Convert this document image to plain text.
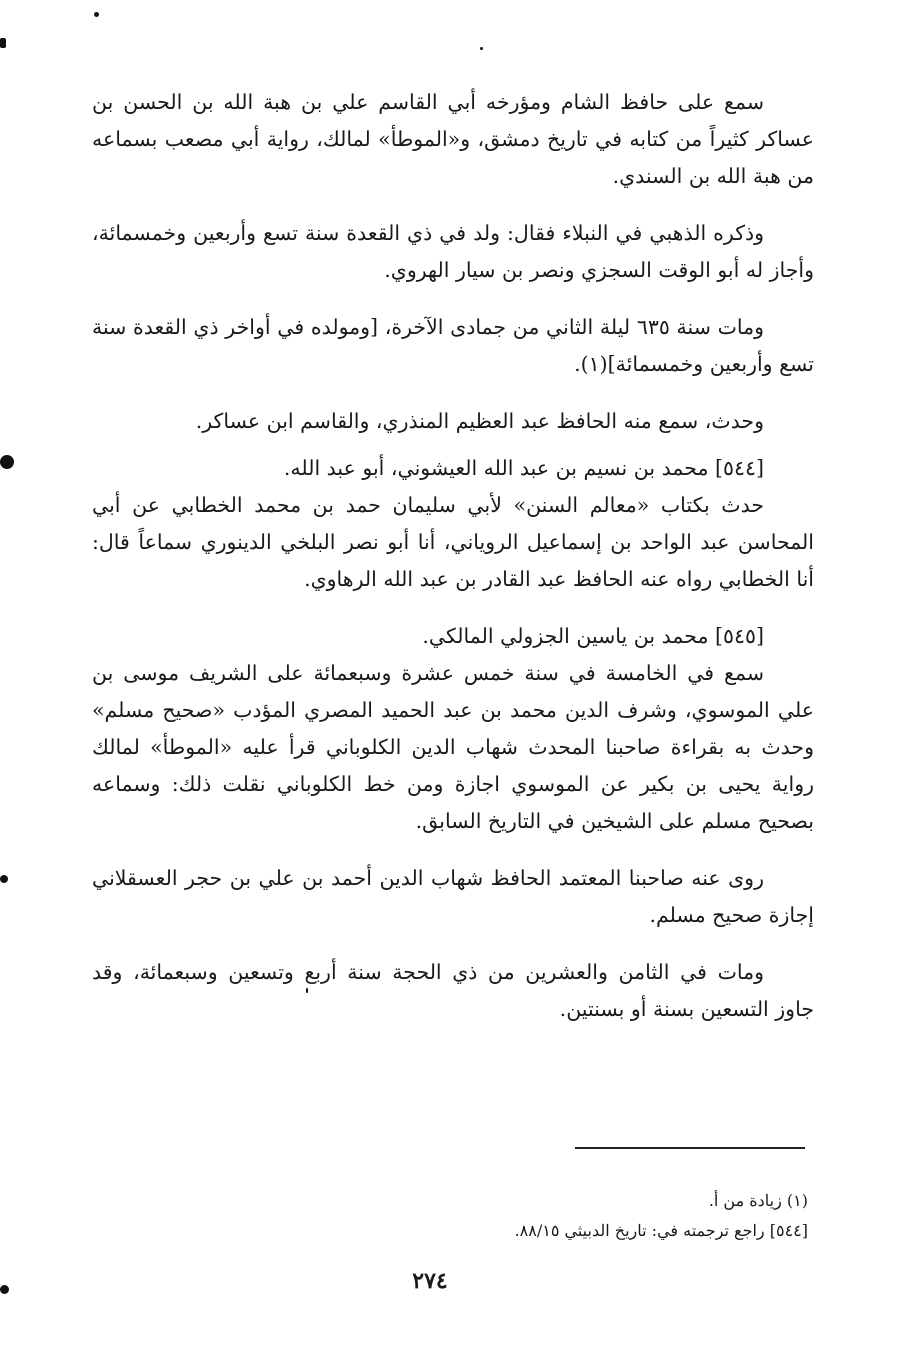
سمع على حافظ الشام ومؤرخه أبي القاسم علي بن هبة الله بن الحسن بن عساكر كثيراً من كتابه في تاريخ دمشق، و«الموطأ» لمالك، رواية أبي مصعب بسماعه من هبة الله بن السندي.

وذكره الذهبي في النبلاء فقال: ولد في ذي القعدة سنة تسع وأربعين وخمسمائة، وأجاز له أبو الوقت السجزي ونصر بن سيار الهروي.

ومات سنة ٦٣٥ ليلة الثاني من جمادى الآخرة، [ومولده في أواخر ذي القعدة سنة تسع وأربعين وخمسمائة](١).

وحدث، سمع منه الحافظ عبد العظيم المنذري، والقاسم ابن عساكر.

[٥٤٤] محمد بن نسيم بن عبد الله العيشوني، أبو عبد الله.

حدث بكتاب «معالم السنن» لأبي سليمان حمد بن محمد الخطابي عن أبي المحاسن عبد الواحد بن إسماعيل الروياني، أنا أبو نصر البلخي الدينوري سماعاً قال: أنا الخطابي رواه عنه الحافظ عبد القادر بن عبد الله الرهاوي.

[٥٤٥] محمد بن ياسين الجزولي المالكي.

سمع في الخامسة في سنة خمس عشرة وسبعمائة على الشريف موسى بن علي الموسوي، وشرف الدين محمد بن عبد الحميد المصري المؤدب «صحيح مسلم» وحدث به بقراءة صاحبنا المحدث شهاب الدين الكلوباني قرأ عليه «الموطأ» لمالك رواية يحيى بن بكير عن الموسوي اجازة ومن خط الكلوباني نقلت ذلك: وسماعه بصحيح مسلم على الشيخين في التاريخ السابق.

روى عنه صاحبنا المعتمد الحافظ شهاب الدين أحمد بن علي بن حجر العسقلاني إجازة صحيح مسلم.

ومات في الثامن والعشرين من ذي الحجة سنة أربع وتسعين وسبعمائة، وقد جاوز التسعين بسنة أو بسنتين.

(١) زيادة من أ.

[٥٤٤] راجع ترجمته في: تاريخ الدبيثي ٨٨/١٥.

٢٧٤
